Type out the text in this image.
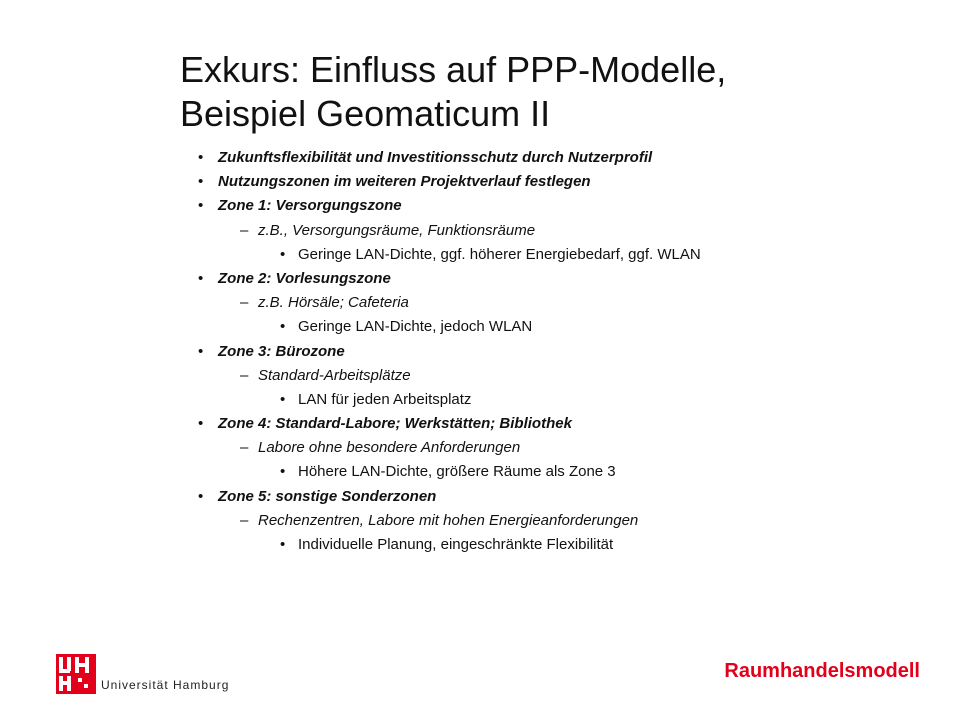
Exkurs: Einfluss auf PPP-Modelle,
Beispiel Geomaticum II
• Zukunftsflexibilität und Investitionsschutz durch Nutzerprofil
• Nutzungszonen im weiteren Projektverlauf festlegen
• Zone 1: Versorgungszone
– z.B., Versorgungsräume, Funktionsräume
• Geringe LAN-Dichte, ggf. höherer Energiebedarf, ggf. WLAN
• Zone 2: Vorlesungszone
– z.B. Hörsäle; Cafeteria
• Geringe LAN-Dichte, jedoch WLAN
• Zone 3: Bürozone
– Standard-Arbeitsplätze
• LAN für jeden Arbeitsplatz
• Zone 4: Standard-Labore; Werkstätten; Bibliothek
– Labore ohne besondere Anforderungen
• Höhere LAN-Dichte, größere Räume als Zone 3
• Zone 5: sonstige Sonderzonen
– Rechenzentren, Labore mit hohen Energieanforderungen
• Individuelle Planung, eingeschränkte Flexibilität
Universität Hamburg
Raumhandelsmodell
